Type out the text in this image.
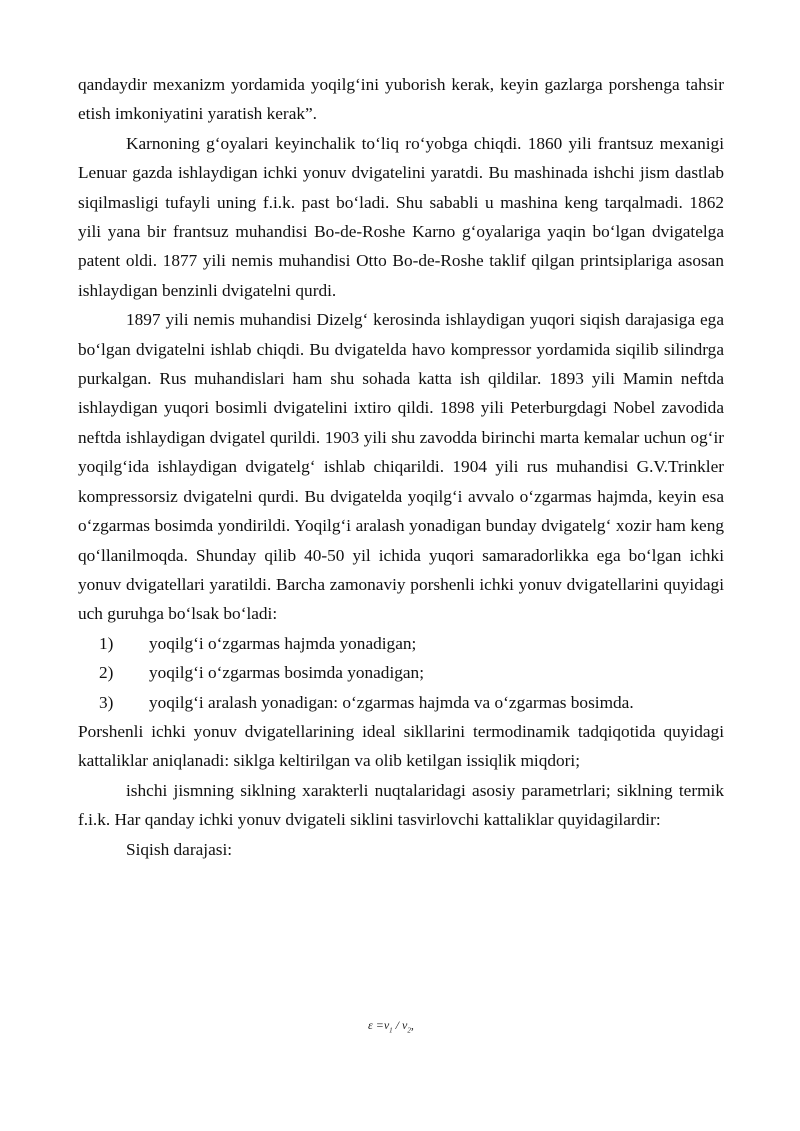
qandaydir mexanizm yordamida yoqilg‘ini yuborish kerak, keyin gazlarga porshenga tahsir etish imkoniyatini yaratish kerak”.

Karnoning g‘oyalari keyinchalik to‘liq ro‘yobga chiqdi. 1860 yili frantsuz mexanigi Lenuar gazda ishlaydigan ichki yonuv dvigatelini yaratdi. Bu mashinada ishchi jism dastlab siqilmasligi tufayli uning f.i.k. past bo‘ladi. Shu sababli u mashina keng tarqalmadi. 1862 yili yana bir frantsuz muhandisi Bo-de-Roshe Karno g‘oyalariga yaqin bo‘lgan dvigatelga patent oldi. 1877 yili nemis muhandisi Otto Bo-de-Roshe taklif qilgan printsiplariga asosan ishlaydigan benzinli dvigatelni qurdi.

1897 yili nemis muhandisi Dizelg‘ kerosinda ishlaydigan yuqori siqish darajasiga ega bo‘lgan dvigatelni ishlab chiqdi. Bu dvigatelda havo kompressor yordamida siqilib silindrga purkalgan. Rus muhandislari ham shu sohada katta ish qildilar. 1893 yili Mamin neftda ishlaydigan yuqori bosimli dvigatelini ixtiro qildi. 1898 yili Peterburgdagi Nobel zavodida neftda ishlaydigan dvigatel qurildi. 1903 yili shu zavodda birinchi marta kemalar uchun og‘ir yoqilg‘ida ishlaydigan dvigatelg‘ ishlab chiqarildi. 1904 yili rus muhandisi G.V.Trinkler kompressorsiz dvigatelni qurdi. Bu dvigatelda yoqilg‘i avvalo o‘zgarmas hajmda, keyin esa o‘zgarmas bosimda yondirildi. Yoqilg‘i aralash yonadigan bunday dvigatelg‘ xozir ham keng qo‘llanilmoqda. Shunday qilib 40-50 yil ichida yuqori samaradorlikka ega bo‘lgan ichki yonuv dvigatellari yaratildi. Barcha zamonaviy porshenli ichki yonuv dvigatellarini quyidagi uch guruhga bo‘lsak bo‘ladi:

1)	yoqilg‘i o‘zgarmas hajmda yonadigan;
2)	yoqilg‘i o‘zgarmas bosimda yonadigan;
3)	yoqilg‘i aralash yonadigan: o‘zgarmas hajmda va o‘zgarmas bosimda.

Porshenli ichki yonuv dvigatellarining ideal sikllarini termodinamik tadqiqotida quyidagi kattaliklar aniqlanadi: siklga keltirilgan va olib ketilgan issiqlik miqdori;

ishchi jismning siklning xarakterli nuqtalaridagi asosiy parametrlari; siklning termik f.i.k. Har qanday ichki yonuv dvigateli siklini tasvirlovchi kattaliklar quyidagilardir:

Siqish darajasi:

$\varepsilon =v_1 / v_2$,
